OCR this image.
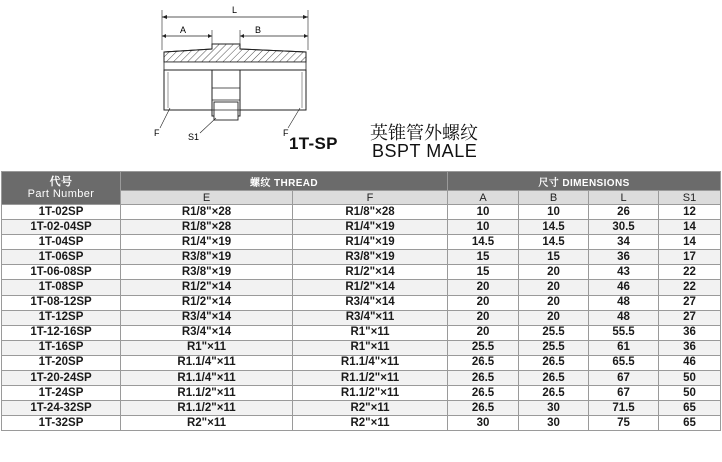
L
A	B
F	S1	F
1T-SP 英锥管外螺纹
BSPT MALE
代号
Part Number	螺纹 THREAD		尺寸 DIMENSIONS			
	E	F	A	B	L	S1
1T-02SP	R1/8"×28	R1/8"×28	10	10	26	12
1T-02-04SP	R1/8"×28	R1/4"×19	10	14.5	30.5	14
1T-04SP	R1/4"×19	R1/4"×19	14.5	14.5	34	14
1T-06SP	R3/8"×19	R3/8"×19	15	15	36	17
1T-06-08SP	R3/8"×19	R1/2"×14	15	20	43	22
1T-08SP	R1/2"×14	R1/2"×14	20	20	46	22
1T-08-12SP	R1/2"×14	R3/4"×14	20	20	48	27
1T-12SP	R3/4"×14	R3/4"×11	20	20	48	27
1T-12-16SP	R3/4"×14	R1"×11	20	25.5	55.5	36
1T-16SP	R1"×11	R1"×11	25.5	25.5	61	36
1T-20SP	R1.1/4"×11	R1.1/4"×11	26.5	26.5	65.5	46
1T-20-24SP	R1.1/4"×11	R1.1/2"×11	26.5	26.5	67	50
1T-24SP	R1.1/2"×11	R1.1/2"×11	26.5	26.5	67	50
1T-24-32SP	R1.1/2"×11	R2"×11	26.5	30	71.5	65
1T-32SP	R2"×11	R2"×11	30	30	75	65
